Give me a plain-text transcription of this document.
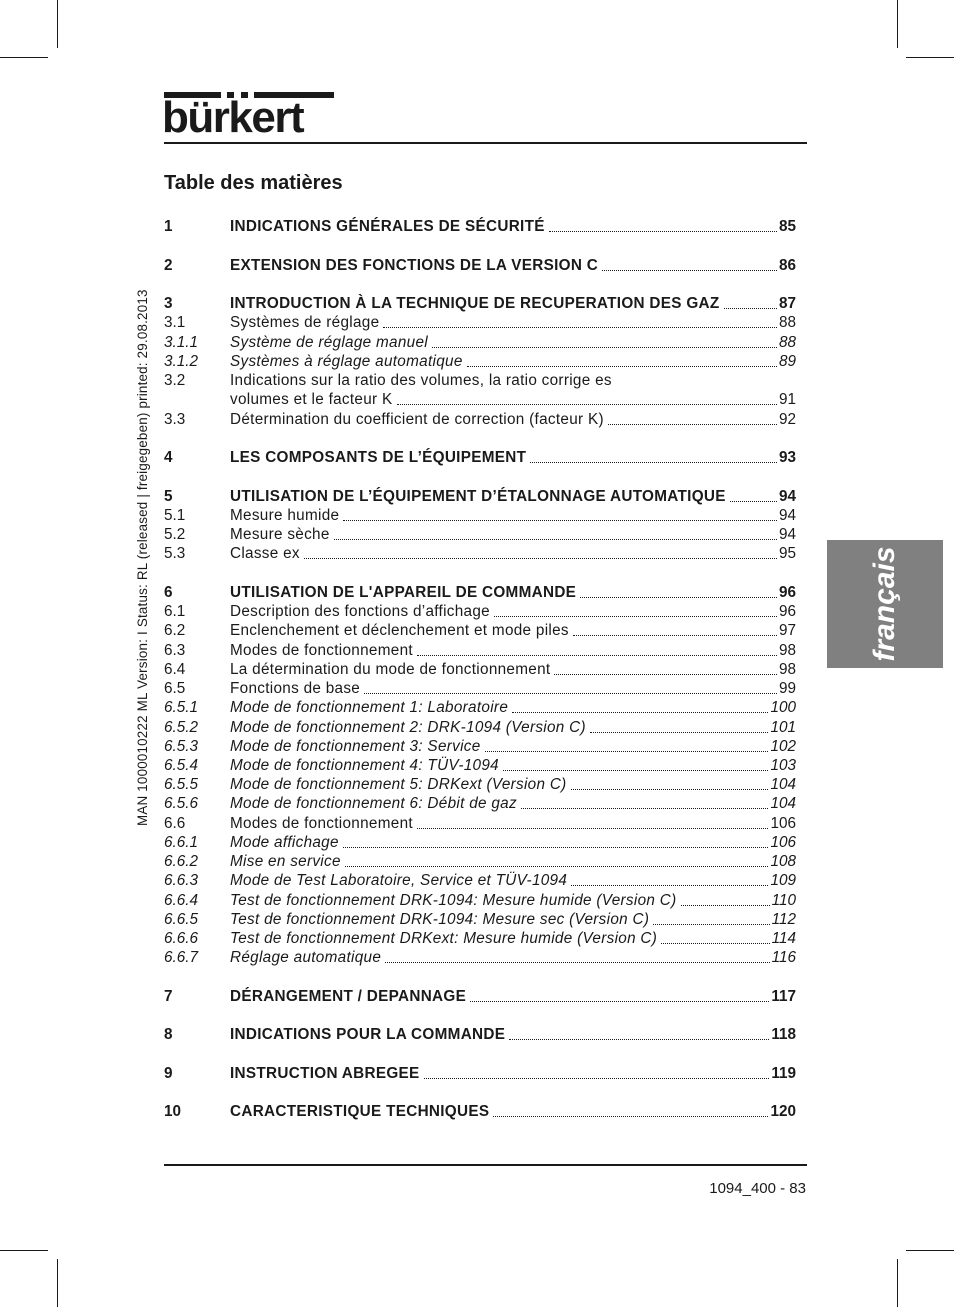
bürkert
Table des matières
MAN 1000010222 ML Version: I Status: RL (released | freigegeben) printed: 29.08.2013	français
1	INDICATIONS GÉNÉRALES DE SÉCURITÉ	85
2	EXTENSION DES FONCTIONS DE LA VERSION C	86
3	INTRODUCTION À LA TECHNIQUE DE RECUPERATION DES GAZ	87
3.1	Systèmes de réglage	88
3.1.1	Système de réglage manuel	88
3.1.2	Systèmes à réglage automatique	89
3.2	Indications sur la ratio des volumes, la ratio corrige es
volumes et le facteur K	91
3.3	Détermination du coefficient de correction (facteur K)	92
4	LES COMPOSANTS DE L’ÉQUIPEMENT	93
5	UTILISATION DE L’ÉQUIPEMENT D’ÉTALONNAGE AUTOMATIQUE	94
5.1	Mesure humide	94
5.2	Mesure sèche	94
5.3	Classe ex	95
6	UTILISATION DE L'APPAREIL DE COMMANDE	96
6.1	Description des fonctions d’affichage	96
6.2	Enclenchement et déclenchement et mode piles	97
6.3	Modes de fonctionnement	98
6.4	La détermination du mode de fonctionnement	98
6.5	Fonctions de base	99
6.5.1	Mode de fonctionnement 1: Laboratoire	100
6.5.2	Mode de fonctionnement 2: DRK-1094 (Version C)	101
6.5.3	Mode de fonctionnement 3: Service	102
6.5.4	Mode de fonctionnement 4: TÜV-1094	103
6.5.5	Mode de fonctionnement 5: DRKext (Version C)	104
6.5.6	Mode de fonctionnement 6: Débit de gaz	104
6.6	Modes de fonctionnement	106
6.6.1	Mode affichage	106
6.6.2	Mise en service	108
6.6.3	Mode de Test Laboratoire, Service et TÜV-1094	109
6.6.4	Test de fonctionnement DRK-1094: Mesure humide (Version C)	110
6.6.5	Test de fonctionnement DRK-1094: Mesure sec (Version C)	112
6.6.6	Test de fonctionnement DRKext: Mesure humide (Version C)	114
6.6.7	Réglage automatique	116
7	DÉRANGEMENT / DEPANNAGE	117
8	INDICATIONS POUR LA COMMANDE	118
9	INSTRUCTION ABREGEE	119
10	CARACTERISTIQUE TECHNIQUES	120
1094_400 - 83
